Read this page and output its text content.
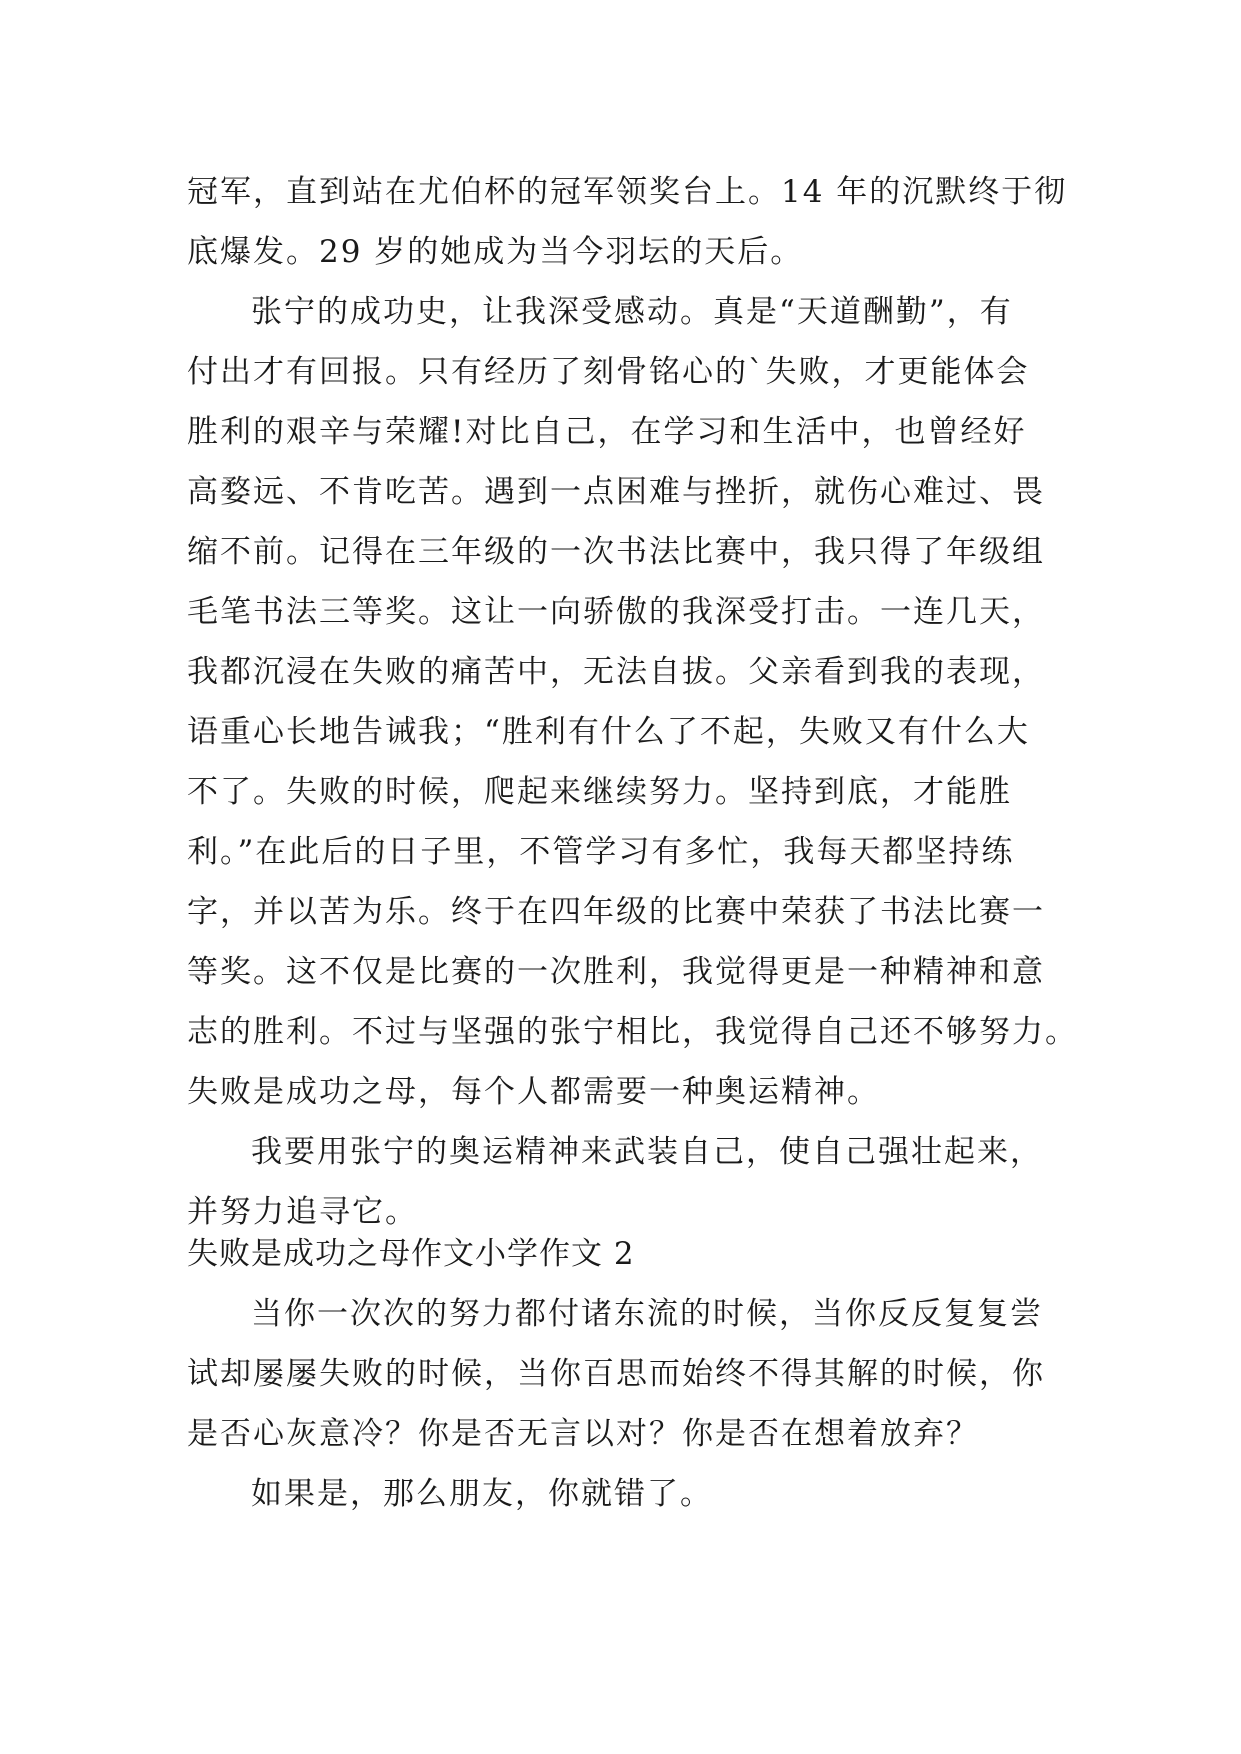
冠军，直到站在尤伯杯的冠军领奖台上。14 年的沉默终于彻
底爆发。29 岁的她成为当今羽坛的天后。
张宁的成功史，让我深受感动。真是“天道酬勤”，有
付出才有回报。只有经历了刻骨铭心的`失败，才更能体会
胜利的艰辛与荣耀!对比自己，在学习和生活中，也曾经好
高婺远、不肯吃苦。遇到一点困难与挫折，就伤心难过、畏
缩不前。记得在三年级的一次书法比赛中，我只得了年级组
毛笔书法三等奖。这让一向骄傲的我深受打击。一连几天，
我都沉浸在失败的痛苦中，无法自拔。父亲看到我的表现，
语重心长地告诫我；“胜利有什么了不起，失败又有什么大
不了。失败的时候，爬起来继续努力。坚持到底，才能胜
利。”在此后的日子里，不管学习有多忙，我每天都坚持练
字，并以苦为乐。终于在四年级的比赛中荣获了书法比赛一
等奖。这不仅是比赛的一次胜利，我觉得更是一种精神和意
志的胜利。不过与坚强的张宁相比，我觉得自己还不够努力。
失败是成功之母，每个人都需要一种奥运精神。
我要用张宁的奥运精神来武装自己，使自己强壮起来，
并努力追寻它。
失败是成功之母作文小学作文 2
当你一次次的努力都付诸东流的时候，当你反反复复尝
试却屡屡失败的时候，当你百思而始终不得其解的时候，你
是否心灰意冷？你是否无言以对？你是否在想着放弃？
如果是，那么朋友，你就错了。
